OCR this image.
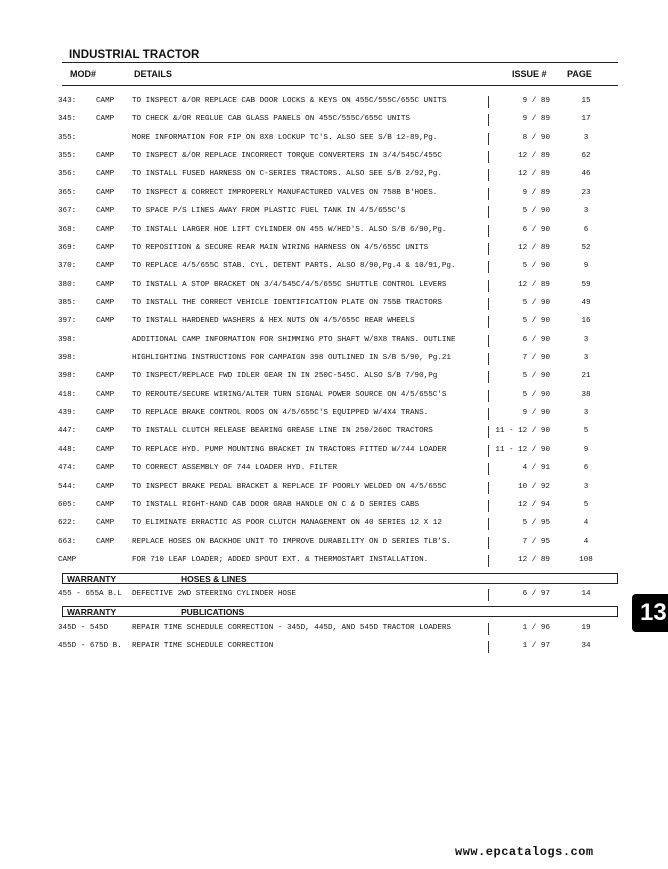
INDUSTRIAL TRACTOR
MOD#	DETAILS	ISSUE # PAGE
343:	CAMP TO INSPECT &/OR REPLACE CAB DOOR LOCKS & KEYS ON 455C/555C/655C UNITS	9 / 89	15
345:	CAMP TO CHECK &/OR REGLUE CAB GLASS PANELS ON 455C/555C/655C UNITS	9 / 89	17
355:	MORE INFORMATION FOR FIP ON 8X8 LOCKUP TC'S. ALSO SEE S/B 12-89,Pg.	8 / 90	3
355:	CAMP TO INSPECT &/OR REPLACE INCORRECT TORQUE CONVERTERS IN 3/4/545C/455C	12 / 89	62
356:	CAMP TO INSTALL FUSED HARNESS ON C-SERIES TRACTORS. ALSO SEE S/B 2/92,Pg.	12 / 89	46
365:	CAMP TO INSPECT & CORRECT IMPROPERLY MANUFACTURED VALVES ON 758B B'HOES.	9 / 89	23
367:	CAMP TO SPACE P/S LINES AWAY FROM PLASTIC FUEL TANK IN 4/5/655C'S	5 / 90	3
368:	CAMP TO INSTALL LARGER HOE LIFT CYLINDER ON 455 W/HED'S. ALSO S/B 6/90,Pg.	6 / 90	6
369:	CAMP TO REPOSITION & SECURE REAR MAIN WIRING HARNESS ON 4/5/655C UNITS	12 / 89	52
370:	CAMP TO REPLACE 4/5/655C STAB. CYL. DETENT PARTS. ALSO 8/90,Pg.4 & 10/91,Pg.	5 / 90	9
380:	CAMP TO INSTALL A STOP BRACKET ON 3/4/545C/4/5/655C SHUTTLE CONTROL LEVERS	12 / 89	59
385:	CAMP TO INSTALL THE CORRECT VEHICLE IDENTIFICATION PLATE ON 755B TRACTORS	5 / 90	49
397:	CAMP TO INSTALL HARDENED WASHERS & HEX NUTS ON 4/5/655C REAR WHEELS	5 / 90	16
398:	ADDITIONAL CAMP INFORMATION FOR SHIMMING PTO SHAFT W/8X8 TRANS. OUTLINE	6 / 90	3
398:	HIGHLIGHTING INSTRUCTIONS FOR CAMPAIGN 398 OUTLINED IN S/B 5/90, Pg.21	7 / 90	3
398:	CAMP TO INSPECT/REPLACE FWD IDLER GEAR IN IN 250C-545C. ALSO S/B 7/90,Pg	5 / 90	21
418:	CAMP TO REROUTE/SECURE WIRING/ALTER TURN SIGNAL POWER SOURCE ON 4/5/655C'S	5 / 90	38
439:	CAMP TO REPLACE BRAKE CONTROL RODS ON 4/5/655C'S EQUIPPED W/4X4 TRANS.	9 / 90	3
447:	CAMP TO INSTALL CLUTCH RELEASE BEARING GREASE LINE IN 250/260C TRACTORS	11 - 12 / 90	5
448:	CAMP TO REPLACE HYD. PUMP MOUNTING BRACKET IN TRACTORS FITTED W/744 LOADER	11 - 12 / 90	9
474:	CAMP TO CORRECT ASSEMBLY OF 744 LOADER HYD. FILTER	4 / 91	6
544:	CAMP TO INSPECT BRAKE PEDAL BRACKET & REPLACE IF POORLY WELDED ON 4/5/655C	10 / 92	3
605:	CAMP TO INSTALL RIGHT-HAND CAB DOOR GRAB HANDLE ON C & D SERIES CABS	12 / 94	5
622:	CAMP TO ELIMINATE ERRACTIC AS POOR CLUTCH MANAGEMENT ON 40 SERIES 12 X 12	5 / 95	4
663:	CAMP REPLACE HOSES ON BACKHOE UNIT TO IMPROVE DURABILITY ON D SERIES TLB'S.	7 / 95	4
CAMP	FOR 710 LEAF LOADER; ADDED SPOUT EXT. & THERMOSTART INSTALLATION.	12 / 89	108
WARRANTY	HOSES & LINES
455 - 655A B.L DEFECTIVE 2WD STEERING CYLINDER HOSE	6 / 97	14
WARRANTY	PUBLICATIONS
345D - 545D	REPAIR TIME SCHEDULE CORRECTION - 345D, 445D, AND 545D TRACTOR LOADERS	1 / 96	19
455D - 675D B. REPAIR TIME SCHEDULE CORRECTION	1 / 97	34
13
www.epcatalogs.com
